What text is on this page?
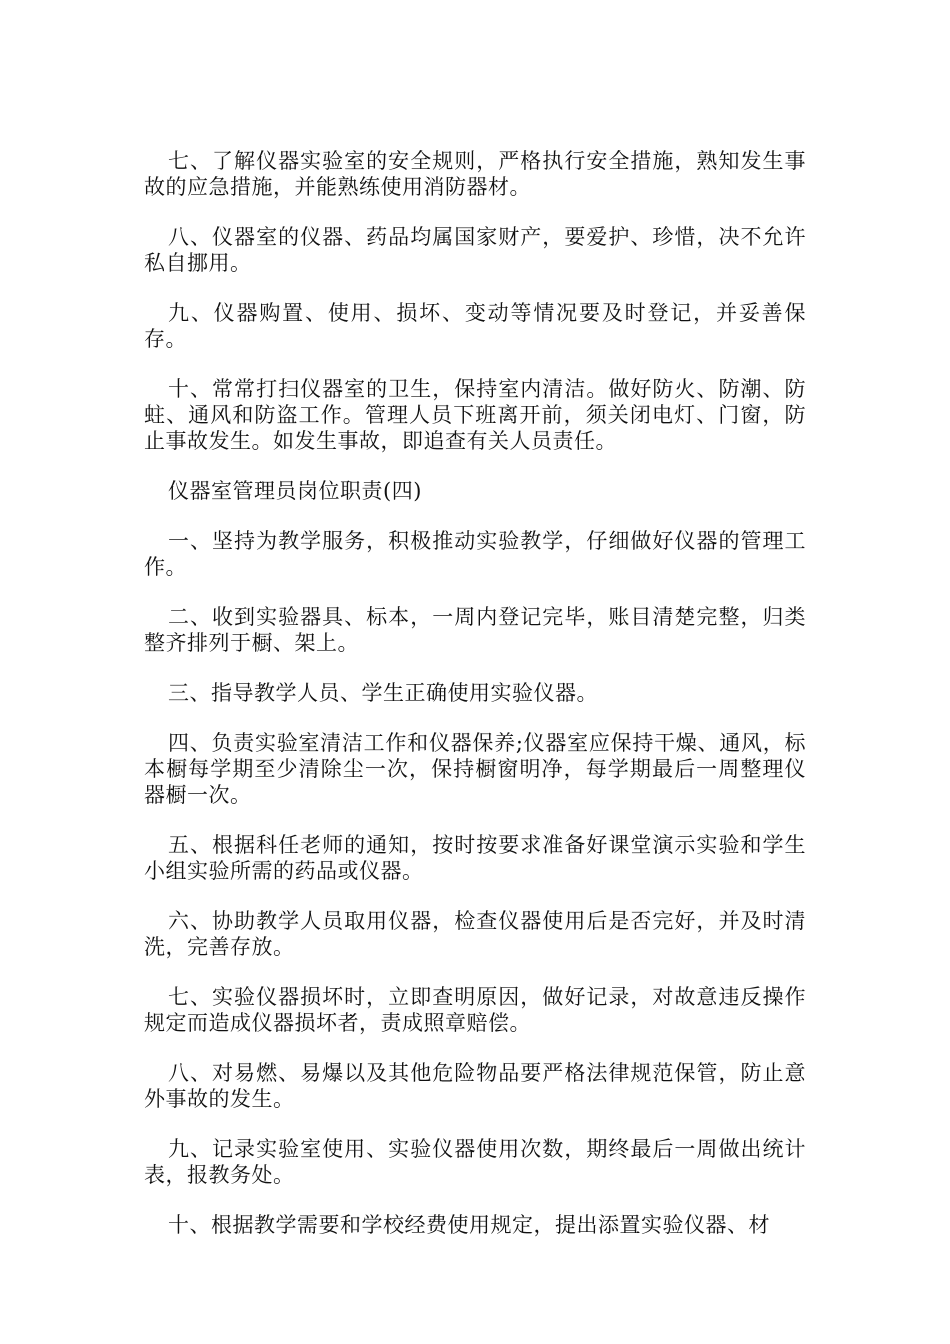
七、了解仪器实验室的安全规则，严格执行安全措施，熟知发生事故的应急措施，并能熟练使用消防器材。

八、仪器室的仪器、药品均属国家财产，要爱护、珍惜，决不允许私自挪用。

九、仪器购置、使用、损坏、变动等情况要及时登记，并妥善保存。

十、常常打扫仪器室的卫生，保持室内清洁。做好防火、防潮、防蛀、通风和防盗工作。管理人员下班离开前，须关闭电灯、门窗，防止事故发生。如发生事故，即追查有关人员责任。

仪器室管理员岗位职责(四)

一、坚持为教学服务，积极推动实验教学，仔细做好仪器的管理工作。

二、收到实验器具、标本，一周内登记完毕，账目清楚完整，归类整齐排列于橱、架上。

三、指导教学人员、学生正确使用实验仪器。

四、负责实验室清洁工作和仪器保养;仪器室应保持干燥、通风，标本橱每学期至少清除尘一次，保持橱窗明净，每学期最后一周整理仪器橱一次。

五、根据科任老师的通知，按时按要求准备好课堂演示实验和学生小组实验所需的药品或仪器。

六、协助教学人员取用仪器，检查仪器使用后是否完好，并及时清洗，完善存放。

七、实验仪器损坏时，立即查明原因，做好记录，对故意违反操作规定而造成仪器损坏者，责成照章赔偿。

八、对易燃、易爆以及其他危险物品要严格法律规范保管，防止意外事故的发生。

九、记录实验室使用、实验仪器使用次数，期终最后一周做出统计表，报教务处。

十、根据教学需要和学校经费使用规定，提出添置实验仪器、材
